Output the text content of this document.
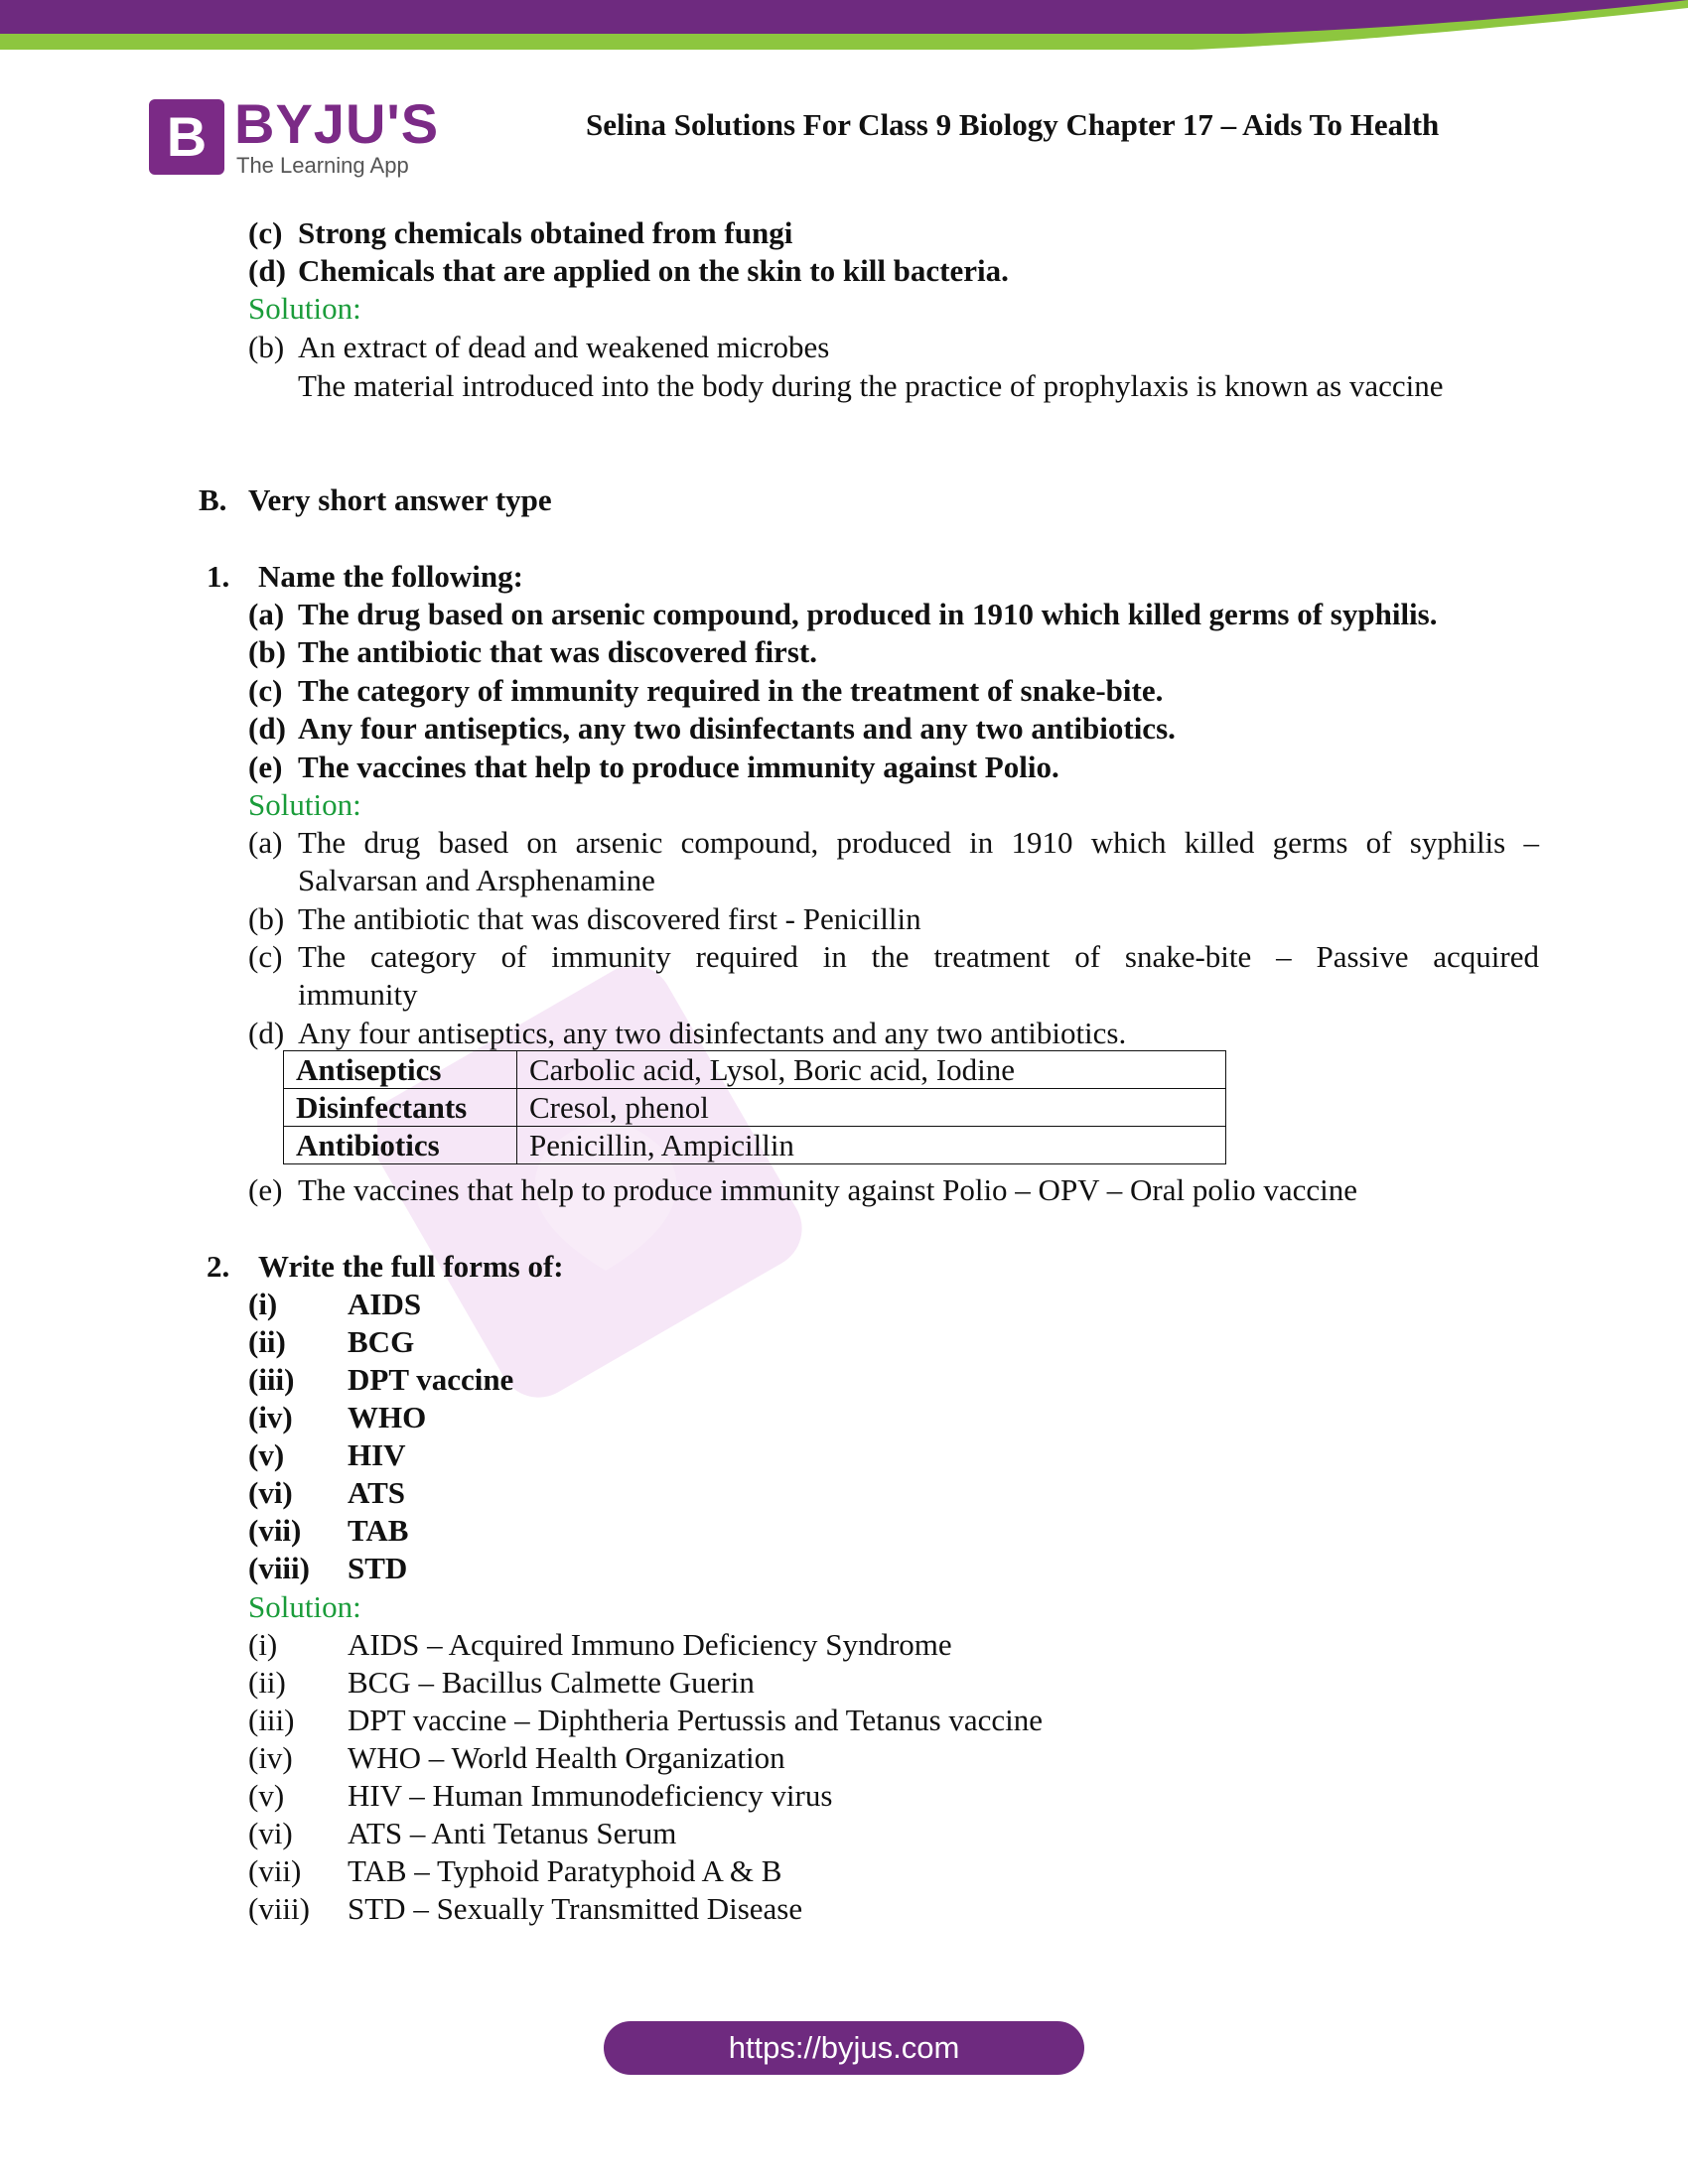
B BYJU'S
The Learning App
Selina Solutions For Class 9 Biology Chapter 17 – Aids To Health
(c) Strong chemicals obtained from fungi
(d) Chemicals that are applied on the skin to kill bacteria.
Solution:
(b) An extract of dead and weakened microbes
The material introduced into the body during the practice of prophylaxis is known as vaccine
B. Very short answer type
1. Name the following:
(a) The drug based on arsenic compound, produced in 1910 which killed germs of syphilis.
(b) The antibiotic that was discovered first.
(c) The category of immunity required in the treatment of snake-bite.
(d) Any four antiseptics, any two disinfectants and any two antibiotics.
(e) The vaccines that help to produce immunity against Polio.
Solution:
(a) The drug based on arsenic compound, produced in 1910 which killed germs of syphilis –
Salvarsan and Arsphenamine
(b) The antibiotic that was discovered first - Penicillin
(c) The category of immunity required in the treatment of snake-bite – Passive acquired
immunity
(d) Any four antiseptics, any two disinfectants and any two antibiotics.
Antiseptics	Carbolic acid, Lysol, Boric acid, Iodine
Disinfectants	Cresol, phenol
Antibiotics	Penicillin, Ampicillin
(e) The vaccines that help to produce immunity against Polio – OPV – Oral polio vaccine
2. Write the full forms of:
(i) AIDS
(ii) BCG
(iii) DPT vaccine
(iv) WHO
(v) HIV
(vi) ATS
(vii) TAB
(viii) STD
Solution:
(i) AIDS – Acquired Immuno Deficiency Syndrome
(ii) BCG – Bacillus Calmette Guerin
(iii) DPT vaccine – Diphtheria Pertussis and Tetanus vaccine
(iv) WHO – World Health Organization
(v) HIV – Human Immunodeficiency virus
(vi) ATS – Anti Tetanus Serum
(vii) TAB – Typhoid Paratyphoid A & B
(viii) STD – Sexually Transmitted Disease
https://byjus.com
